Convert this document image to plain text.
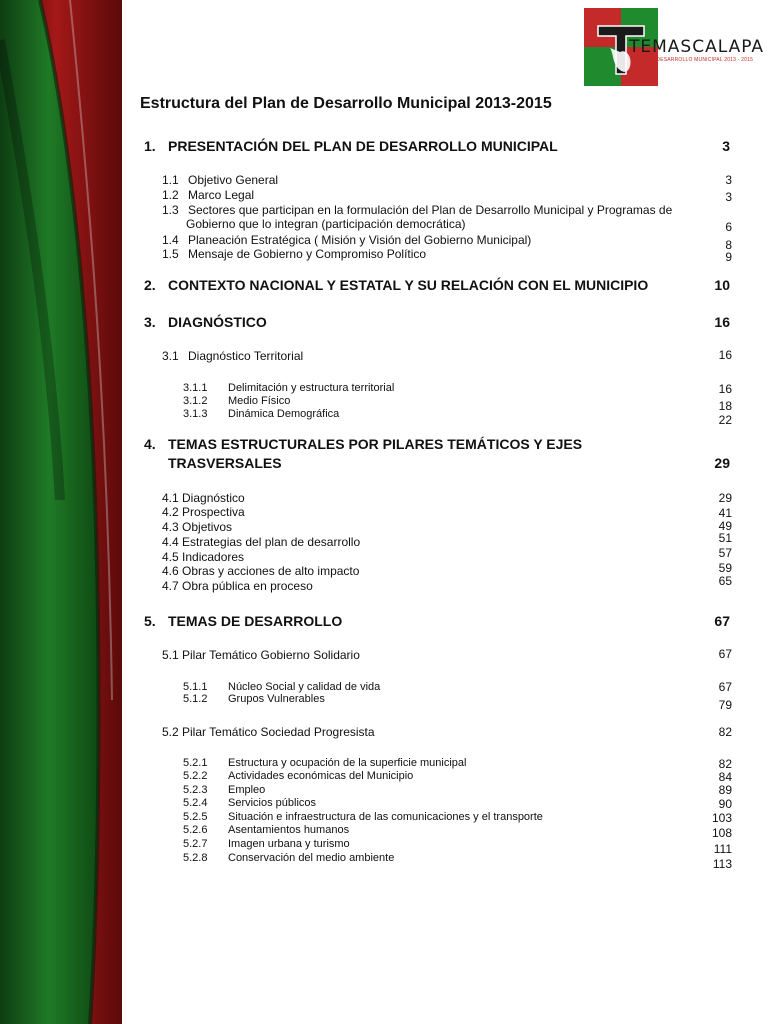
TEMASCALAPA
PLAN DE DESARROLLO MUNICIPAL 2013 - 2015
Estructura del Plan de Desarrollo Municipal 2013-2015
1. PRESENTACIÓN DEL PLAN DE DESARROLLO MUNICIPAL	3
1.1 Objetivo General	3
1.2 Marco Legal	3
1.3 Sectores que participan en la formulación del Plan de Desarrollo Municipal y Programas de
Gobierno que lo integran (participación democrática)	6
1.4 Planeación Estratégica ( Misión y Visión del Gobierno Municipal)	8
1.5 Mensaje de Gobierno y Compromiso Político	9
2. CONTEXTO NACIONAL Y ESTATAL Y SU RELACIÓN CON EL MUNICIPIO	10
3. DIAGNÓSTICO	16
3.1 Diagnóstico Territorial	16
3.1.1 Delimitación y estructura territorial	16
3.1.2 Medio Físico	18
3.1.3 Dinámica Demográfica	22
4. TEMAS ESTRUCTURALES POR PILARES TEMÁTICOS Y EJES
TRASVERSALES	29
4.1 Diagnóstico	29
4.2 Prospectiva	41
4.3 Objetivos	49
4.4 Estrategias del plan de desarrollo	51
4.5 Indicadores	57
4.6 Obras y acciones de alto impacto	59
4.7 Obra pública en proceso	65
5. TEMAS DE DESARROLLO	67
5.1 Pilar Temático Gobierno Solidario	67
5.1.1 Núcleo Social y calidad de vida	67
5.1.2 Grupos Vulnerables	79
5.2 Pilar Temático Sociedad Progresista	82
5.2.1 Estructura y ocupación de la superficie municipal	82
5.2.2 Actividades económicas del Municipio	84
5.2.3 Empleo	89
5.2.4 Servicios públicos	90
5.2.5 Situación e infraestructura de las comunicaciones y el transporte	103
5.2.6 Asentamientos humanos	108
5.2.7 Imagen urbana y turismo	111
5.2.8 Conservación del medio ambiente	113
